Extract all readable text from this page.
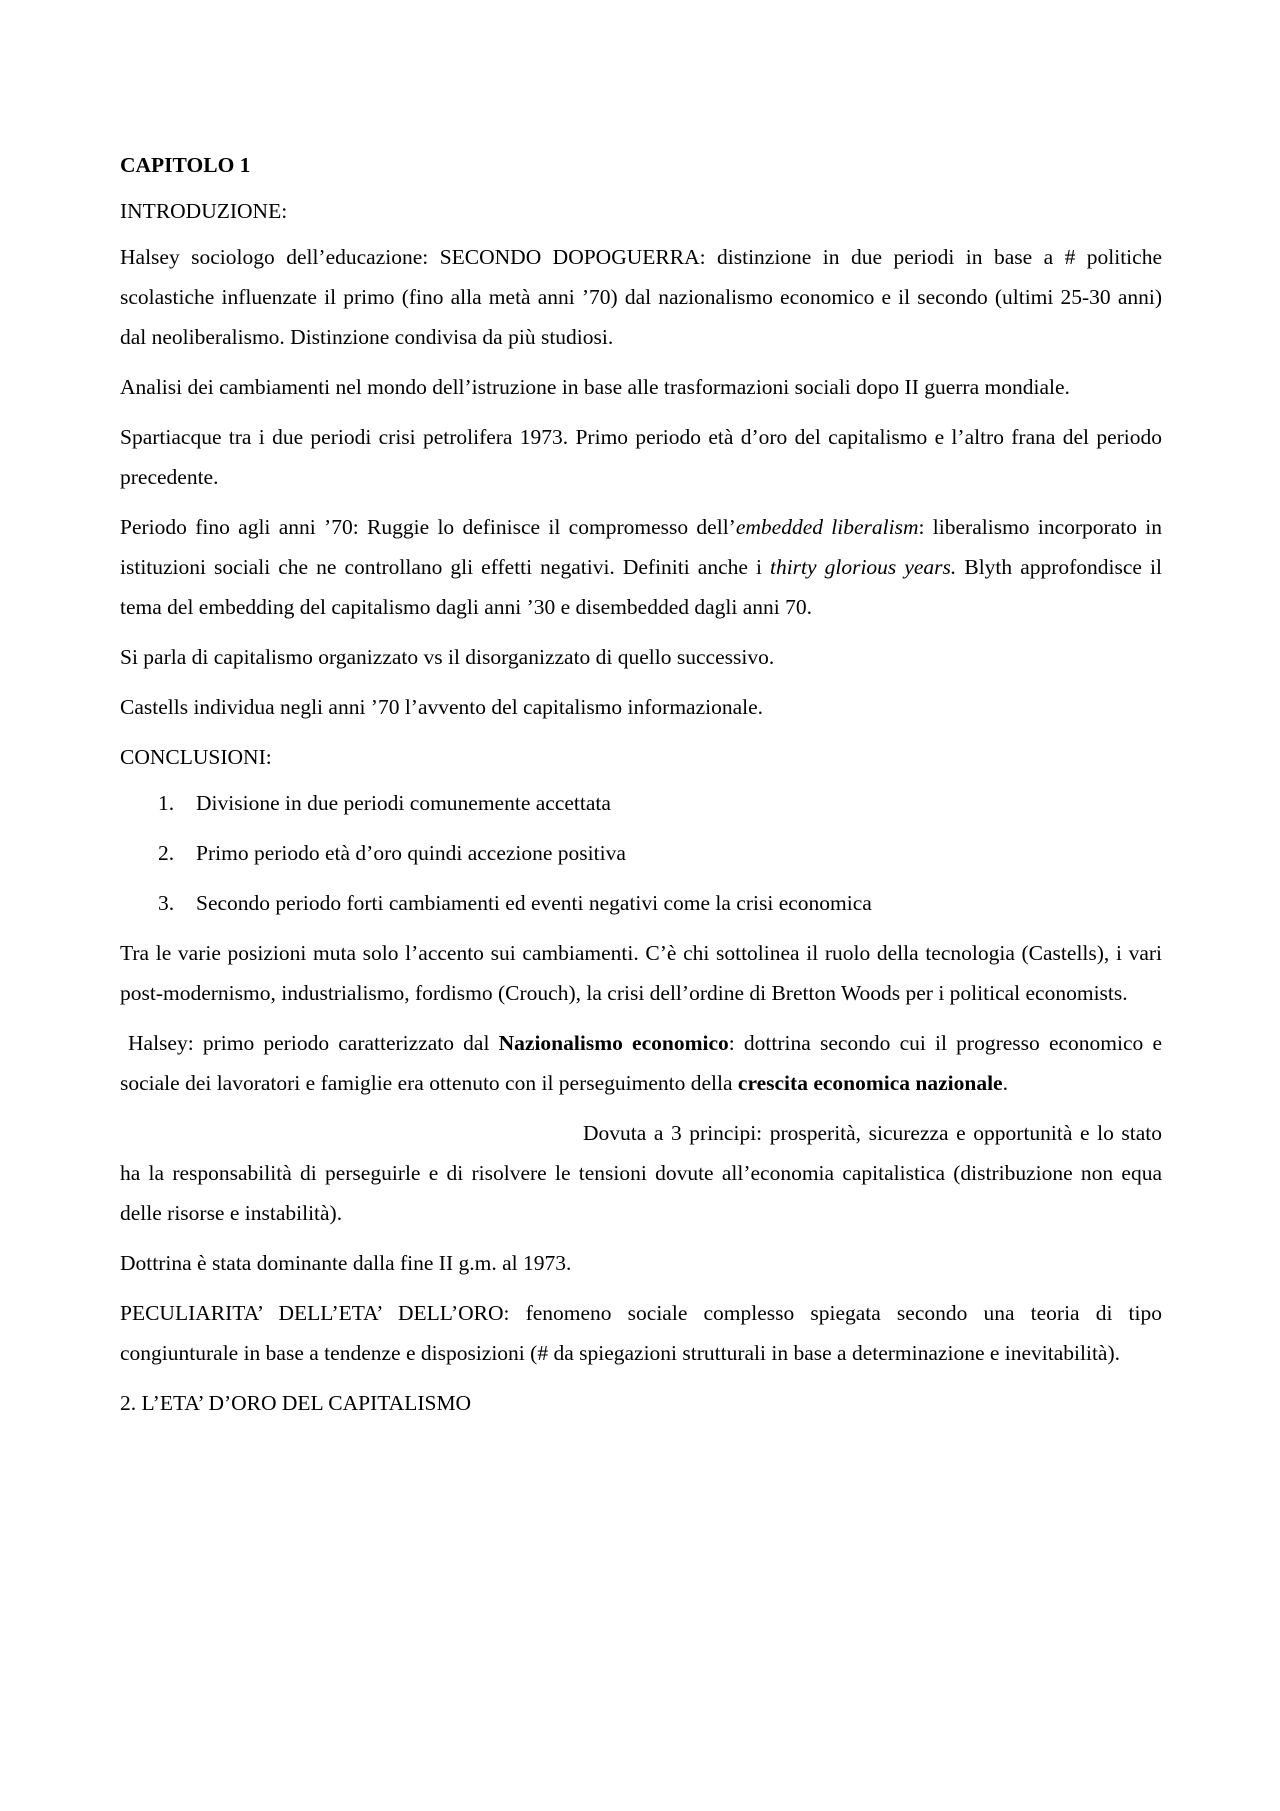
CAPITOLO 1

INTRODUZIONE:

Halsey sociologo dell’educazione: SECONDO DOPOGUERRA: distinzione in due periodi in base a # politiche scolastiche influenzate il primo (fino alla metà anni ’70) dal nazionalismo economico e il secondo (ultimi 25-30 anni) dal neoliberalismo. Distinzione condivisa da più studiosi.

Analisi dei cambiamenti nel mondo dell’istruzione in base alle trasformazioni sociali dopo II guerra mondiale.

Spartiacque tra i due periodi crisi petrolifera 1973. Primo periodo età d’oro del capitalismo e l’altro frana del periodo precedente.

Periodo fino agli anni ’70: Ruggie lo definisce il compromesso dell’embedded liberalism: liberalismo incorporato in istituzioni sociali che ne controllano gli effetti negativi. Definiti anche i thirty glorious years. Blyth approfondisce il tema del embedding del capitalismo dagli anni ’30 e disembedded dagli anni 70.

Si parla di capitalismo organizzato vs il disorganizzato di quello successivo.

Castells individua negli anni ’70 l’avvento del capitalismo informazionale.

CONCLUSIONI:

1.	Divisione in due periodi comunemente accettata
2.	Primo periodo età d’oro quindi accezione positiva
3.	Secondo periodo forti cambiamenti ed eventi negativi come la crisi economica

Tra le varie posizioni muta solo l’accento sui cambiamenti. C’è chi sottolinea il ruolo della tecnologia (Castells), i vari post-modernismo, industrialismo, fordismo (Crouch), la crisi dell’ordine di Bretton Woods per i political economists.

Halsey: primo periodo caratterizzato dal Nazionalismo economico: dottrina secondo cui il progresso economico e sociale dei lavoratori e famiglie era ottenuto con il perseguimento della crescita economica nazionale.

Dovuta a 3 principi: prosperità, sicurezza e opportunità e lo stato ha la responsabilità di perseguirle e di risolvere le tensioni dovute all’economia capitalistica (distribuzione non equa delle risorse e instabilità).

Dottrina è stata dominante dalla fine II g.m. al 1973.

PECULIARITA’ DELL’ETA’ DELL’ORO: fenomeno sociale complesso spiegata secondo una teoria di tipo congiunturale in base a tendenze e disposizioni (# da spiegazioni strutturali in base a determinazione e inevitabilità).

2. L’ETA’ D’ORO DEL CAPITALISMO
